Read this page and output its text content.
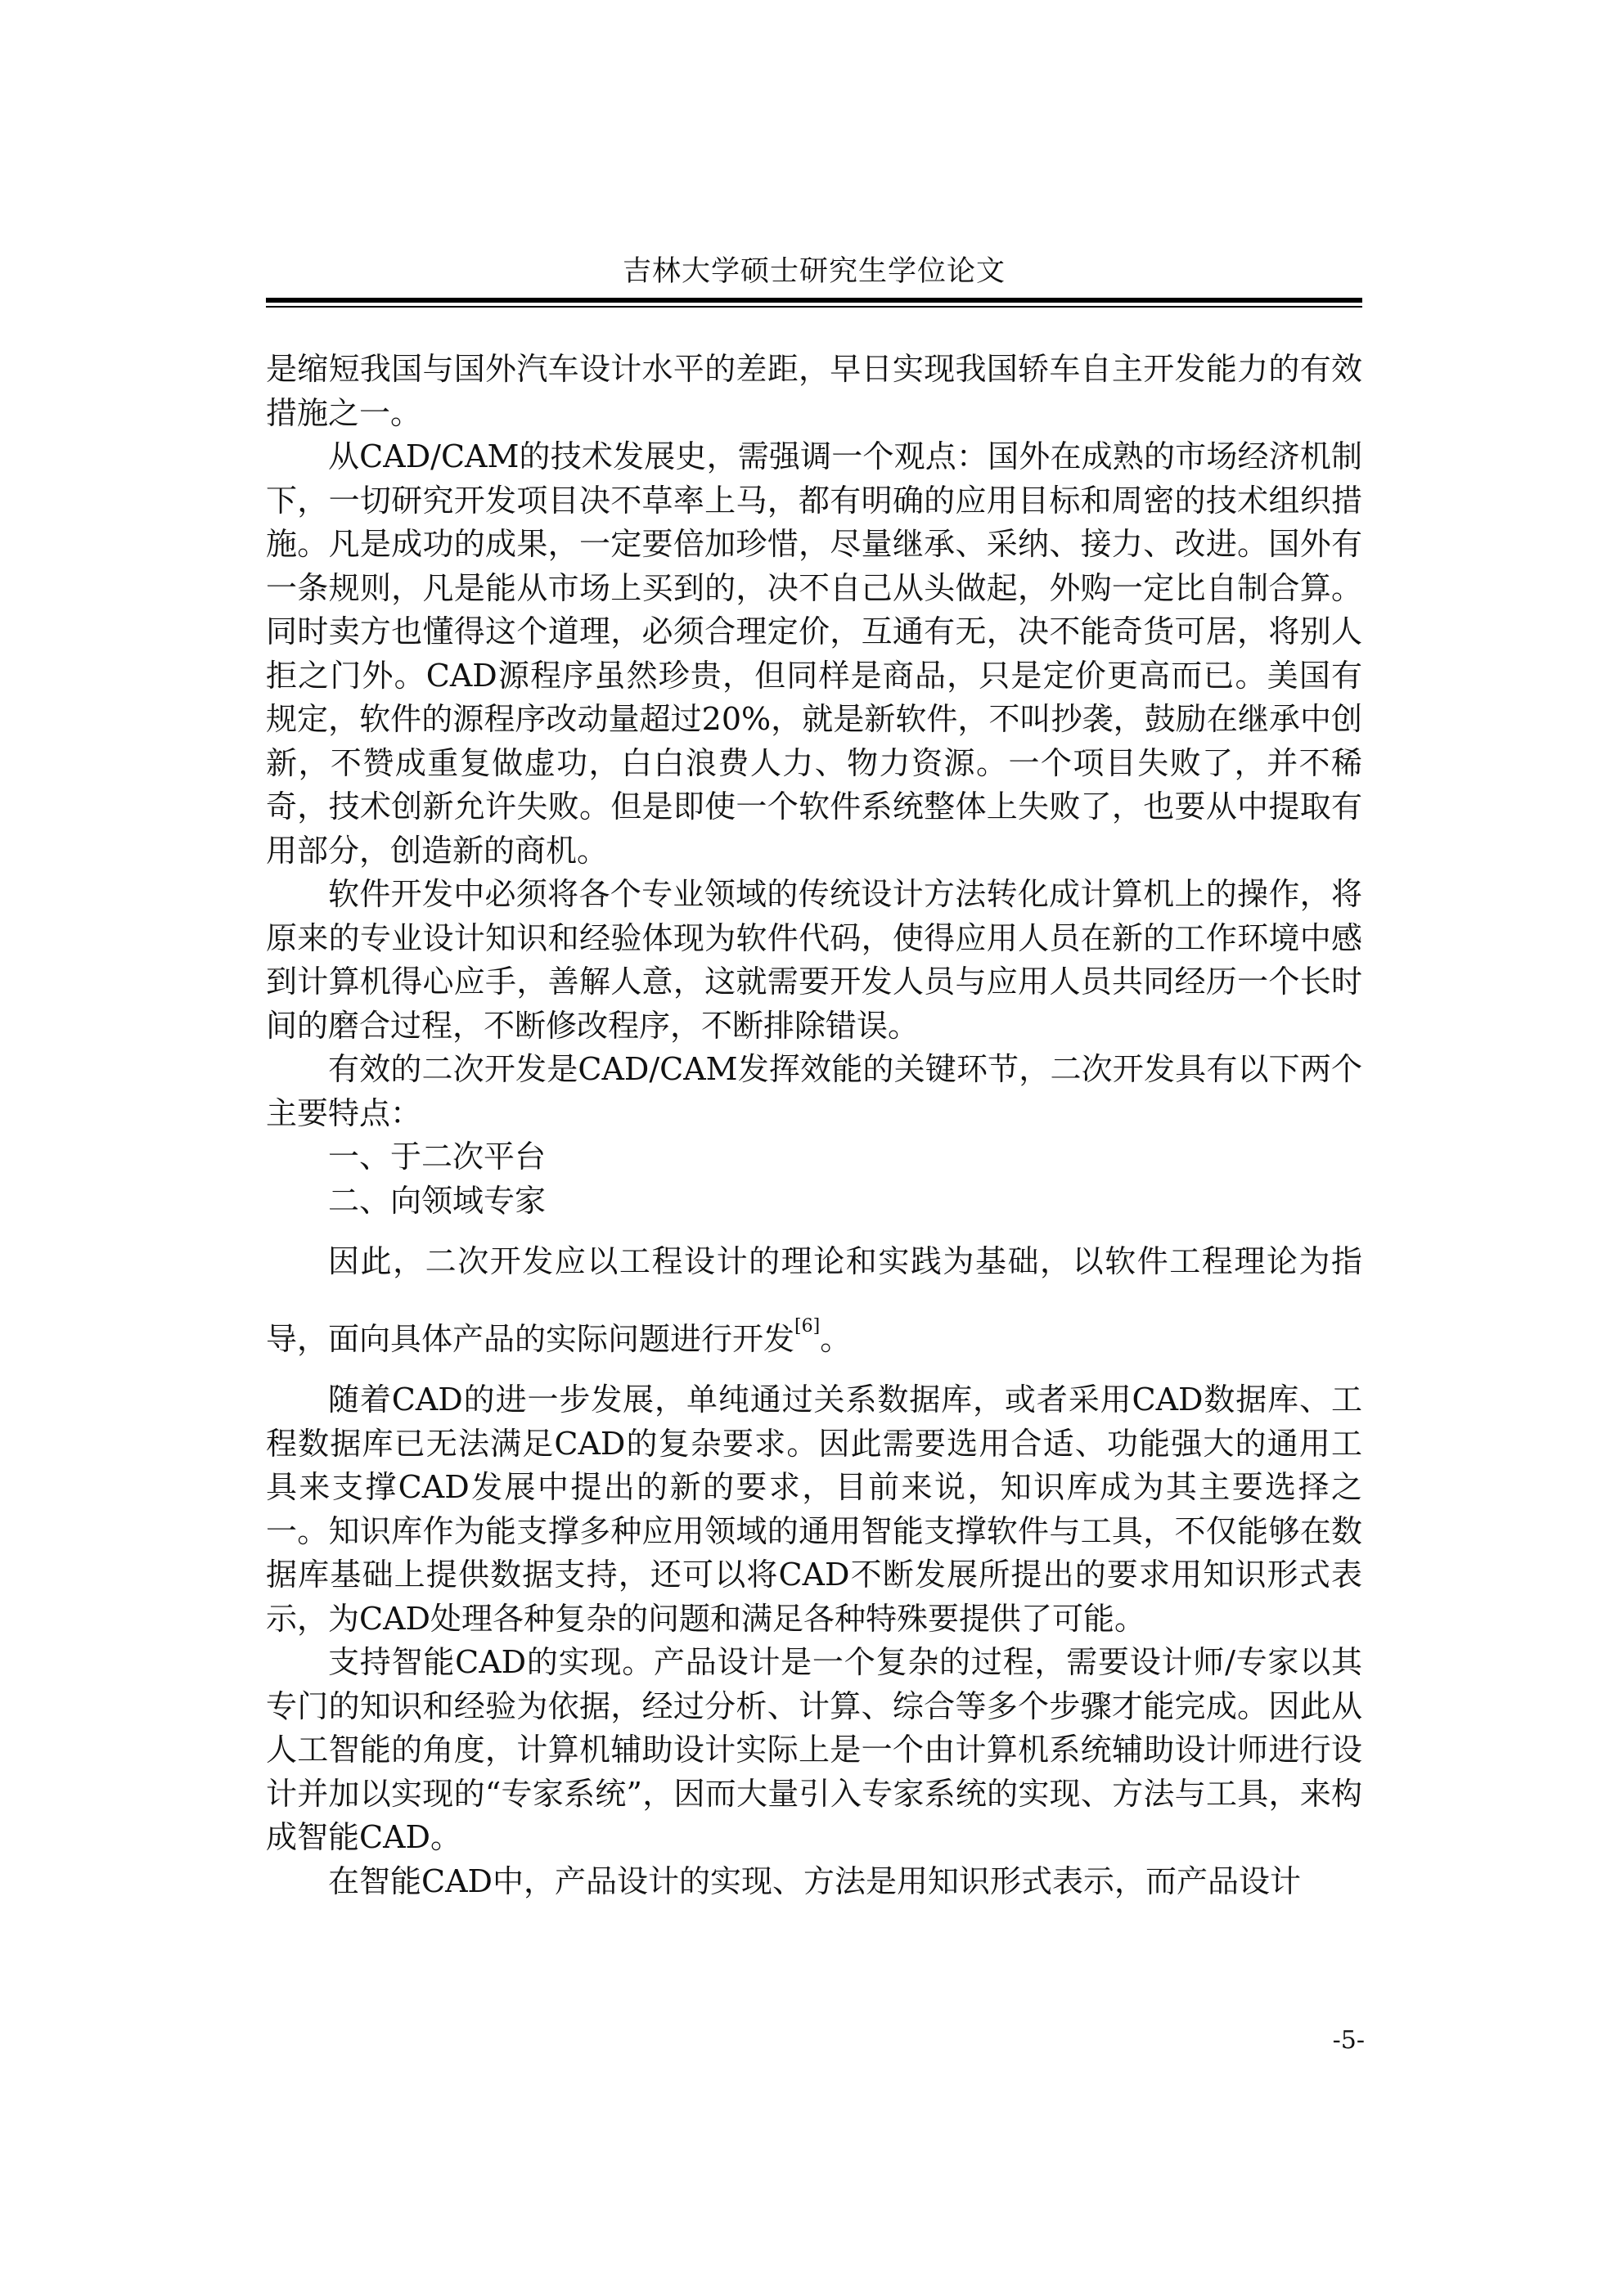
吉林大学硕士研究生学位论文

是缩短我国与国外汽车设计水平的差距，早日实现我国轿车自主开发能力的有效措施之一。

从CAD/CAM的技术发展史，需强调一个观点：国外在成熟的市场经济机制下，一切研究开发项目决不草率上马，都有明确的应用目标和周密的技术组织措施。凡是成功的成果，一定要倍加珍惜，尽量继承、采纳、接力、改进。国外有一条规则，凡是能从市场上买到的，决不自己从头做起，外购一定比自制合算。同时卖方也懂得这个道理，必须合理定价，互通有无，决不能奇货可居，将别人拒之门外。CAD源程序虽然珍贵，但同样是商品，只是定价更高而已。美国有规定，软件的源程序改动量超过20%，就是新软件，不叫抄袭，鼓励在继承中创新，不赞成重复做虚功，白白浪费人力、物力资源。一个项目失败了，并不稀奇，技术创新允许失败。但是即使一个软件系统整体上失败了，也要从中提取有用部分，创造新的商机。

软件开发中必须将各个专业领域的传统设计方法转化成计算机上的操作，将原来的专业设计知识和经验体现为软件代码，使得应用人员在新的工作环境中感到计算机得心应手，善解人意，这就需要开发人员与应用人员共同经历一个长时间的磨合过程，不断修改程序，不断排除错误。

有效的二次开发是CAD/CAM发挥效能的关键环节，二次开发具有以下两个主要特点：

一、于二次平台

二、向领域专家

因此，二次开发应以工程设计的理论和实践为基础，以软件工程理论为指导，面向具体产品的实际问题进行开发[6]。

随着CAD的进一步发展，单纯通过关系数据库，或者采用CAD数据库、工程数据库已无法满足CAD的复杂要求。因此需要选用合适、功能强大的通用工具来支撑CAD发展中提出的新的要求，目前来说，知识库成为其主要选择之一。知识库作为能支撑多种应用领域的通用智能支撑软件与工具，不仅能够在数据库基础上提供数据支持，还可以将CAD不断发展所提出的要求用知识形式表示，为CAD处理各种复杂的问题和满足各种特殊要提供了可能。

支持智能CAD的实现。产品设计是一个复杂的过程，需要设计师/专家以其专门的知识和经验为依据，经过分析、计算、综合等多个步骤才能完成。因此从人工智能的角度，计算机辅助设计实际上是一个由计算机系统辅助设计师进行设计并加以实现的“专家系统”，因而大量引入专家系统的实现、方法与工具，来构成智能CAD。

在智能CAD中，产品设计的实现、方法是用知识形式表示，而产品设计

-5-
